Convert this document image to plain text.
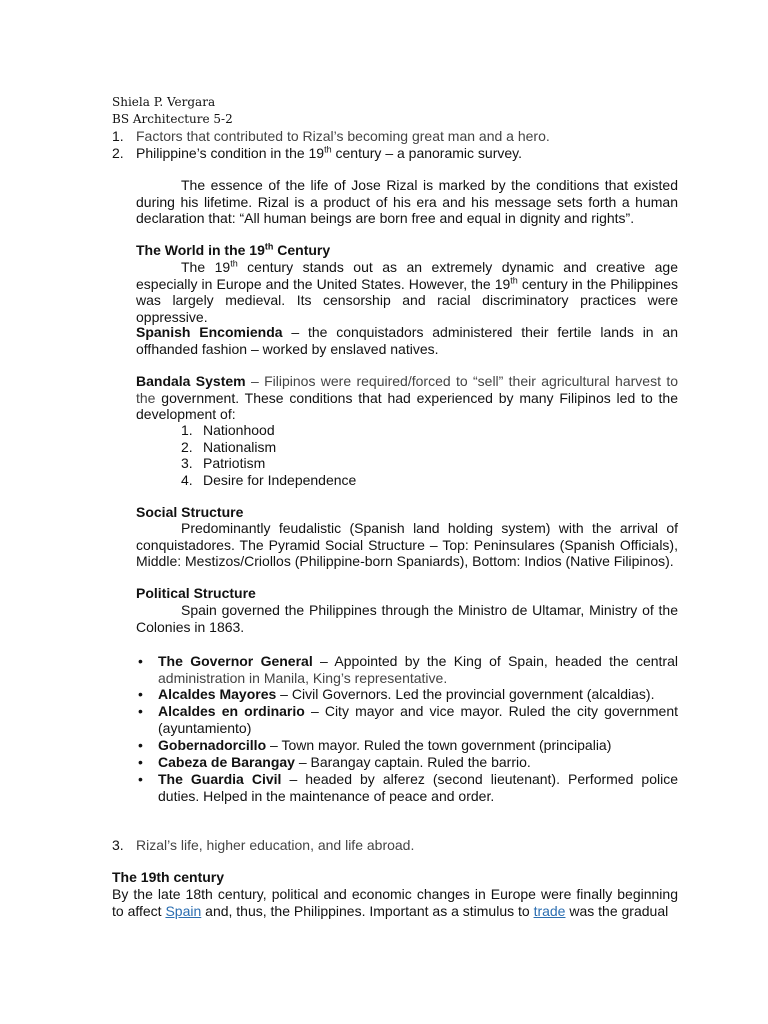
Shiela P. Vergara
BS Architecture 5-2
1. Factors that contributed to Rizal’s becoming great man and a hero.
2. Philippine’s condition in the 19th century – a panoramic survey.
The essence of the life of Jose Rizal is marked by the conditions that existed during his lifetime. Rizal is a product of his era and his message sets forth a human declaration that: “All human beings are born free and equal in dignity and rights”.
The World in the 19th Century
The 19th century stands out as an extremely dynamic and creative age especially in Europe and the United States. However, the 19th century in the Philippines was largely medieval. Its censorship and racial discriminatory practices were oppressive.
Spanish Encomienda – the conquistadors administered their fertile lands in an offhanded fashion – worked by enslaved natives.
Bandala System – Filipinos were required/forced to “sell” their agricultural harvest to the government. These conditions that had experienced by many Filipinos led to the development of:
1. Nationhood
2. Nationalism
3. Patriotism
4. Desire for Independence
Social Structure
Predominantly feudalistic (Spanish land holding system) with the arrival of conquistadores. The Pyramid Social Structure – Top: Peninsulares (Spanish Officials), Middle: Mestizos/Criollos (Philippine-born Spaniards), Bottom: Indios (Native Filipinos).
Political Structure
Spain governed the Philippines through the Ministro de Ultamar, Ministry of the Colonies in 1863.
• The Governor General – Appointed by the King of Spain, headed the central administration in Manila, King’s representative.
• Alcaldes Mayores – Civil Governors. Led the provincial government (alcaldias).
• Alcaldes en ordinario – City mayor and vice mayor. Ruled the city government (ayuntamiento)
• Gobernadorcillo – Town mayor. Ruled the town government (principalia)
• Cabeza de Barangay – Barangay captain. Ruled the barrio.
• The Guardia Civil – headed by alferez (second lieutenant). Performed police duties. Helped in the maintenance of peace and order.
3. Rizal’s life, higher education, and life abroad.
The 19th century
By the late 18th century, political and economic changes in Europe were finally beginning to affect Spain and, thus, the Philippines. Important as a stimulus to trade was the gradual
